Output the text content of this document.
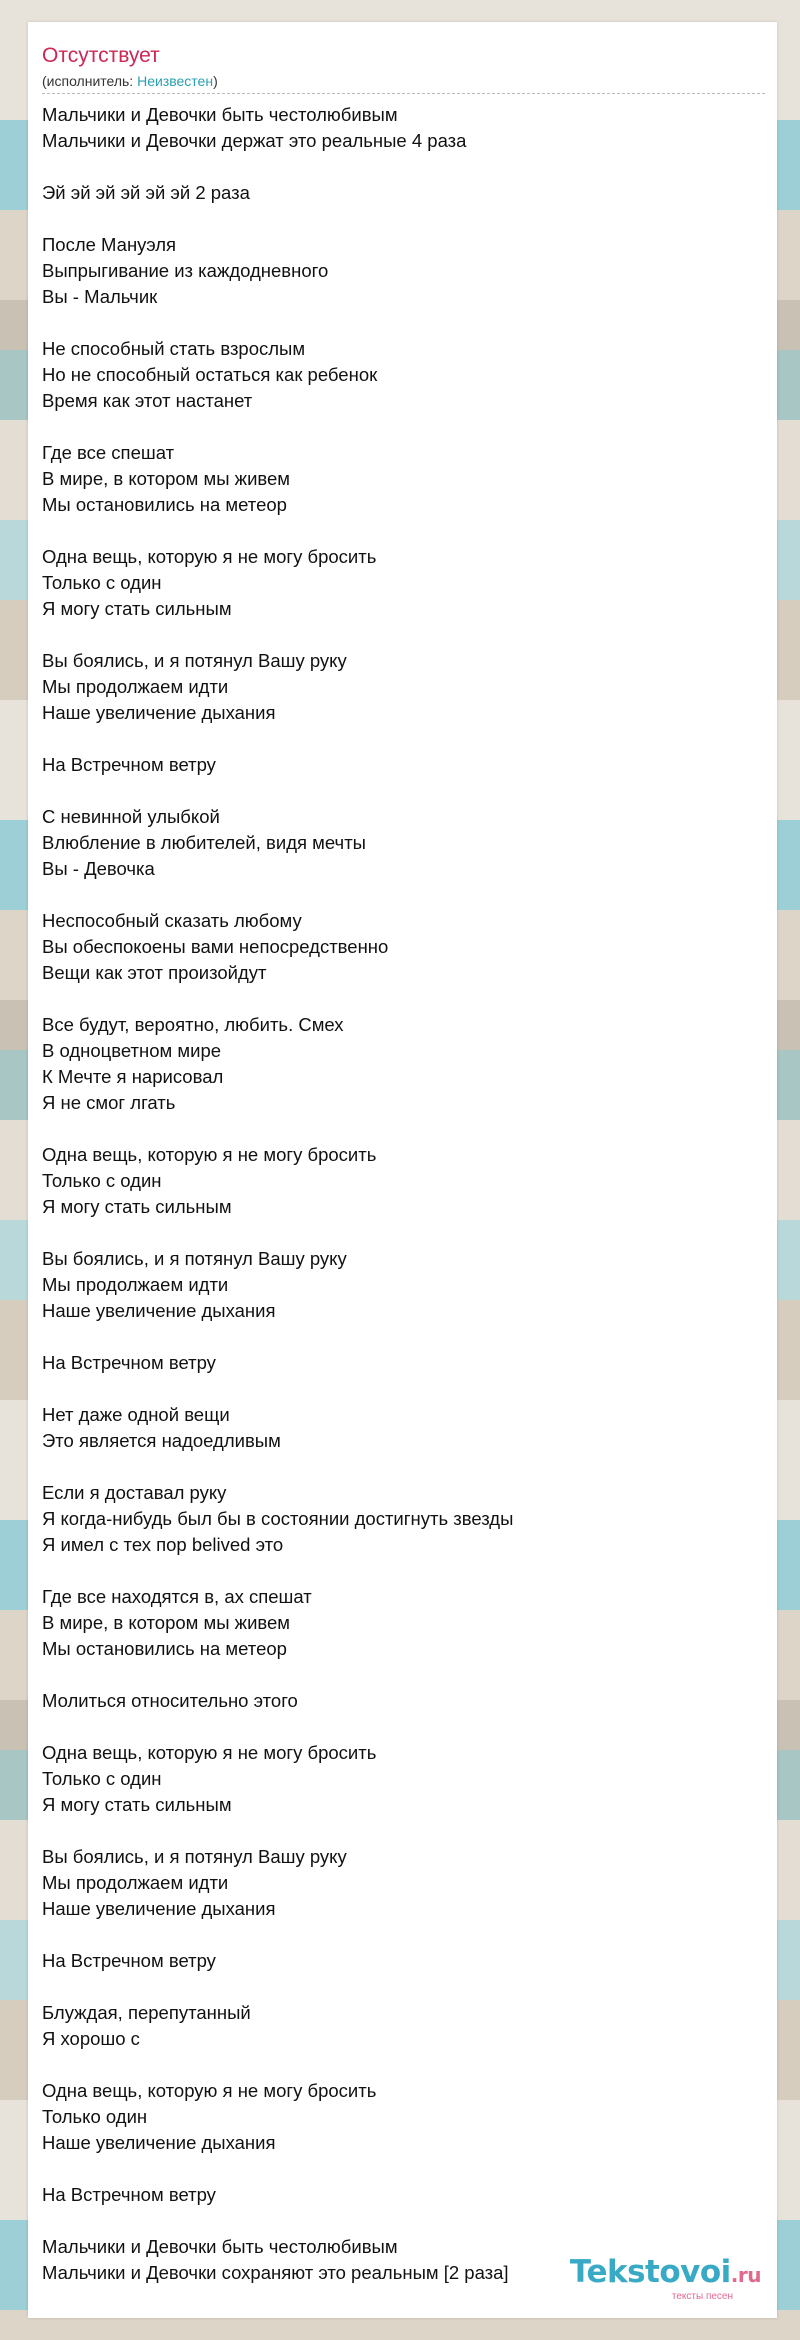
Отсутствует
(исполнитель: Неизвестен)
Мальчики и Девочки быть честолюбивым
Мальчики и Девочки держат это реальные 4 раза
Эй эй эй эй эй эй 2 раза
После Мануэля
Выпрыгивание из каждодневного
Вы - Мальчик
Не способный стать взрослым
Но не способный остаться как ребенок
Время как этот настанет
Где все спешат
В мире, в котором мы живем
Мы остановились на метеор
Одна вещь, которую я не могу бросить
Только с один
Я могу стать сильным
Вы боялись, и я потянул Вашу руку
Мы продолжаем идти
Наше увеличение дыхания
На Встречном ветру
С невинной улыбкой
Влюбление в любителей, видя мечты
Вы - Девочка
Неспособный сказать любому
Вы обеспокоены вами непосредственно
Вещи как этот произойдут
Все будут, вероятно, любить. Смех
В одноцветном мире
К Мечте я нарисовал
Я не смог лгать
Одна вещь, которую я не могу бросить
Только с один
Я могу стать сильным
Вы боялись, и я потянул Вашу руку
Мы продолжаем идти
Наше увеличение дыхания
На Встречном ветру
Нет даже одной вещи
Это является надоедливым
Если я доставал руку
Я когда-нибудь был бы в состоянии достигнуть звезды
Я имел с тех пор belived это
Где все находятся в, ах спешат
В мире, в котором мы живем
Мы остановились на метеор
Молиться относительно этого
Одна вещь, которую я не могу бросить
Только с один
Я могу стать сильным
Вы боялись, и я потянул Вашу руку
Мы продолжаем идти
Наше увеличение дыхания
На Встречном ветру
Блуждая, перепутанный
Я хорошо с
Одна вещь, которую я не могу бросить
Только один
Наше увеличение дыхания
На Встречном ветру
Мальчики и Девочки быть честолюбивым
Мальчики и Девочки сохраняют это реальным [2 раза]	Tekstovoi.ru
тексты песен
